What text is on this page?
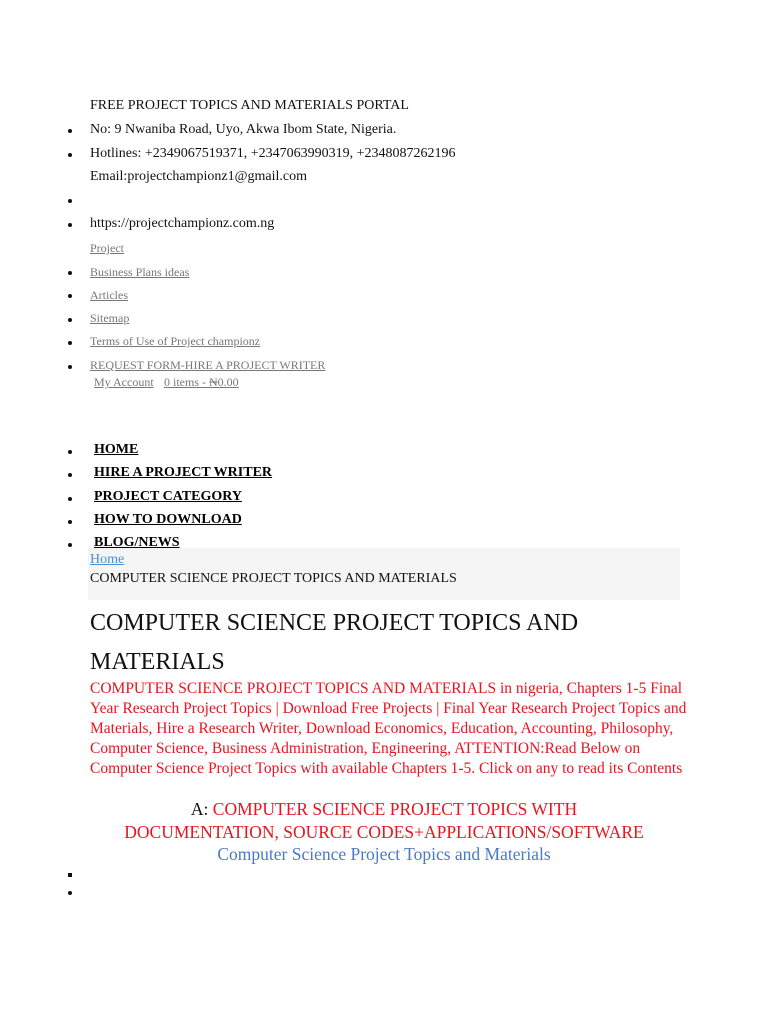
FREE PROJECT TOPICS AND MATERIALS PORTAL
No: 9 Nwaniba Road, Uyo, Akwa Ibom State, Nigeria.
Hotlines: +2349067519371, +2347063990319, +2348087262196
Email:projectchampionz1@gmail.com
https://projectchampionz.com.ng
Project
Business Plans ideas
Articles
Sitemap
Terms of Use of Project championz
REQUEST FORM-HIRE A PROJECT WRITER
My Account 0 items - ₦0.00
HOME
HIRE A PROJECT WRITER
PROJECT CATEGORY
HOW TO DOWNLOAD
BLOG/NEWS
Home
COMPUTER SCIENCE PROJECT TOPICS AND MATERIALS
COMPUTER SCIENCE PROJECT TOPICS AND
MATERIALS
COMPUTER SCIENCE PROJECT TOPICS AND MATERIALS in nigeria, Chapters 1-5 Final Year Research Project Topics | Download Free Projects | Final Year Research Project Topics and Materials, Hire a Research Writer, Download Economics, Education, Accounting, Philosophy, Computer Science, Business Administration, Engineering, ATTENTION:Read Below on Computer Science Project Topics with available Chapters 1-5. Click on any to read its Contents
A: COMPUTER SCIENCE PROJECT TOPICS WITH
DOCUMENTATION, SOURCE CODES+APPLICATIONS/SOFTWARE
Computer Science Project Topics and Materials
